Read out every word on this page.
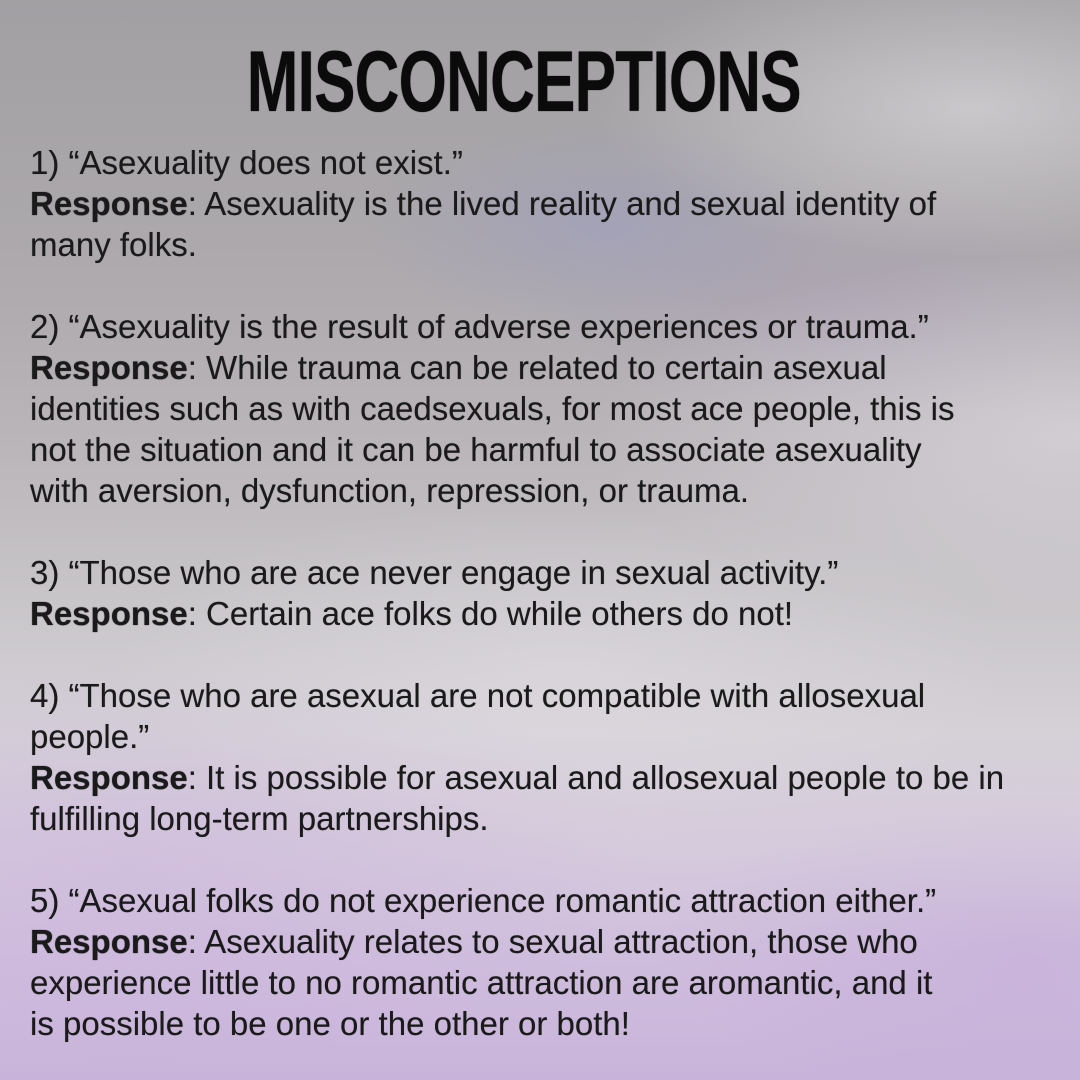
MISCONCEPTIONS
1) “Asexuality does not exist.”
Response: Asexuality is the lived reality and sexual identity of
many folks.
2) “Asexuality is the result of adverse experiences or trauma.”
Response: While trauma can be related to certain asexual
identities such as with caedsexuals, for most ace people, this is
not the situation and it can be harmful to associate asexuality
with aversion, dysfunction, repression, or trauma.
3) “Those who are ace never engage in sexual activity.”
Response: Certain ace folks do while others do not!
4) “Those who are asexual are not compatible with allosexual
people.”
Response: It is possible for asexual and allosexual people to be in
fulfilling long-term partnerships.
5) “Asexual folks do not experience romantic attraction either.”
Response: Asexuality relates to sexual attraction, those who
experience little to no romantic attraction are aromantic, and it
is possible to be one or the other or both!
